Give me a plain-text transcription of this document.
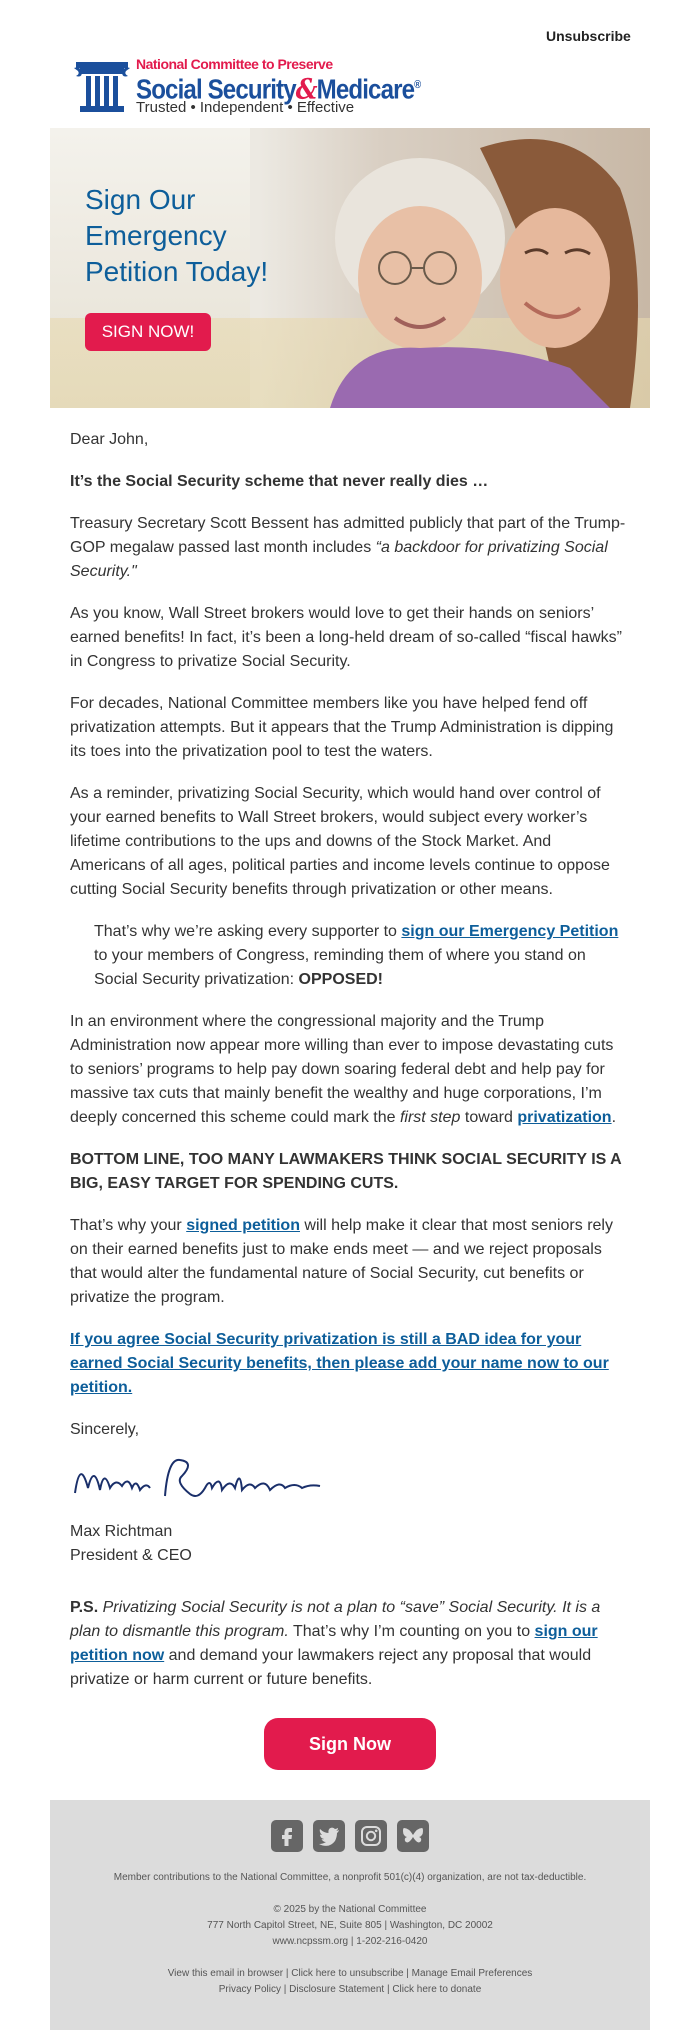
Unsubscribe
National Committee to Preserve
Social Security&Medicare®
Trusted • Independent • Effective
Sign Our Emergency Petition Today!
SIGN NOW!

Dear John,

It’s the Social Security scheme that never really dies …

Treasury Secretary Scott Bessent has admitted publicly that part of the Trump-GOP megalaw passed last month includes “a backdoor for privatizing Social Security."

As you know, Wall Street brokers would love to get their hands on seniors’ earned benefits! In fact, it’s been a long-held dream of so-called “fiscal hawks” in Congress to privatize Social Security.

For decades, National Committee members like you have helped fend off privatization attempts. But it appears that the Trump Administration is dipping its toes into the privatization pool to test the waters.

As a reminder, privatizing Social Security, which would hand over control of your earned benefits to Wall Street brokers, would subject every worker’s lifetime contributions to the ups and downs of the Stock Market. And Americans of all ages, political parties and income levels continue to oppose cutting Social Security benefits through privatization or other means.

That’s why we’re asking every supporter to sign our Emergency Petition to your members of Congress, reminding them of where you stand on Social Security privatization: OPPOSED!

In an environment where the congressional majority and the Trump Administration now appear more willing than ever to impose devastating cuts to seniors’ programs to help pay down soaring federal debt and help pay for massive tax cuts that mainly benefit the wealthy and huge corporations, I’m deeply concerned this scheme could mark the first step toward privatization.

BOTTOM LINE, TOO MANY LAWMAKERS THINK SOCIAL SECURITY IS A BIG, EASY TARGET FOR SPENDING CUTS.

That’s why your signed petition will help make it clear that most seniors rely on their earned benefits just to make ends meet — and we reject proposals that would alter the fundamental nature of Social Security, cut benefits or privatize the program.

If you agree Social Security privatization is still a BAD idea for your earned Social Security benefits, then please add your name now to our petition.

Sincerely,

Max Richtman
President & CEO

P.S. Privatizing Social Security is not a plan to “save” Social Security. It is a plan to dismantle this program. That’s why I’m counting on you to sign our petition now and demand your lawmakers reject any proposal that would privatize or harm current or future benefits.

Sign Now
Member contributions to the National Committee, a nonprofit 501(c)(4) organization, are not tax-deductible.
© 2025 by the National Committee
777 North Capitol Street, NE, Suite 805 | Washington, DC 20002
www.ncpssm.org | 1-202-216-0420
View this email in browser | Click here to unsubscribe | Manage Email Preferences
Privacy Policy | Disclosure Statement | Click here to donate
